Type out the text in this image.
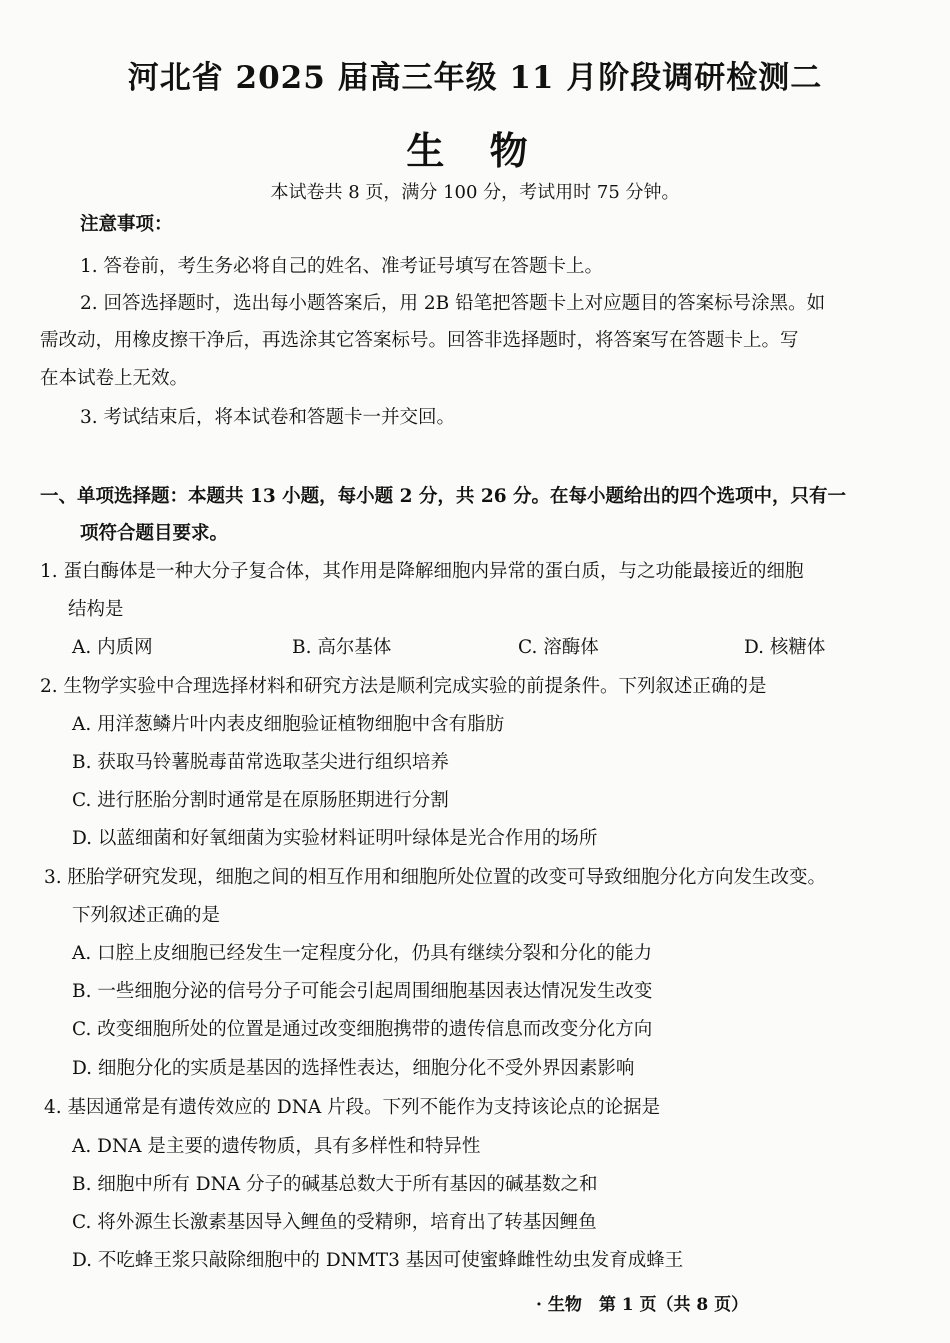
河北省 2025 届高三年级 11 月阶段调研检测二
生 物
本试卷共 8 页，满分 100 分，考试用时 75 分钟。
注意事项：
1. 答卷前，考生务必将自己的姓名、准考证号填写在答题卡上。
2. 回答选择题时，选出每小题答案后，用 2B 铅笔把答题卡上对应题目的答案标号涂黑。如
需改动，用橡皮擦干净后，再选涂其它答案标号。回答非选择题时，将答案写在答题卡上。写
在本试卷上无效。
3. 考试结束后，将本试卷和答题卡一并交回。
一、单项选择题：本题共 13 小题，每小题 2 分，共 26 分。在每小题给出的四个选项中，只有一
项符合题目要求。
1. 蛋白酶体是一种大分子复合体，其作用是降解细胞内异常的蛋白质，与之功能最接近的细胞
结构是
A. 内质网	B. 高尔基体	C. 溶酶体	D. 核糖体
2. 生物学实验中合理选择材料和研究方法是顺利完成实验的前提条件。下列叙述正确的是
A. 用洋葱鳞片叶内表皮细胞验证植物细胞中含有脂肪
B. 获取马铃薯脱毒苗常选取茎尖进行组织培养
C. 进行胚胎分割时通常是在原肠胚期进行分割
D. 以蓝细菌和好氧细菌为实验材料证明叶绿体是光合作用的场所
3. 胚胎学研究发现，细胞之间的相互作用和细胞所处位置的改变可导致细胞分化方向发生改变。
下列叙述正确的是
A. 口腔上皮细胞已经发生一定程度分化，仍具有继续分裂和分化的能力
B. 一些细胞分泌的信号分子可能会引起周围细胞基因表达情况发生改变
C. 改变细胞所处的位置是通过改变细胞携带的遗传信息而改变分化方向
D. 细胞分化的实质是基因的选择性表达，细胞分化不受外界因素影响
4. 基因通常是有遗传效应的 DNA 片段。下列不能作为支持该论点的论据是
A. DNA 是主要的遗传物质，具有多样性和特异性
B. 细胞中所有 DNA 分子的碱基总数大于所有基因的碱基数之和
C. 将外源生长激素基因导入鲤鱼的受精卵，培育出了转基因鲤鱼
D. 不吃蜂王浆只敲除细胞中的 DNMT3 基因可使蜜蜂雌性幼虫发育成蜂王
· 生物　第 1 页（共 8 页）
